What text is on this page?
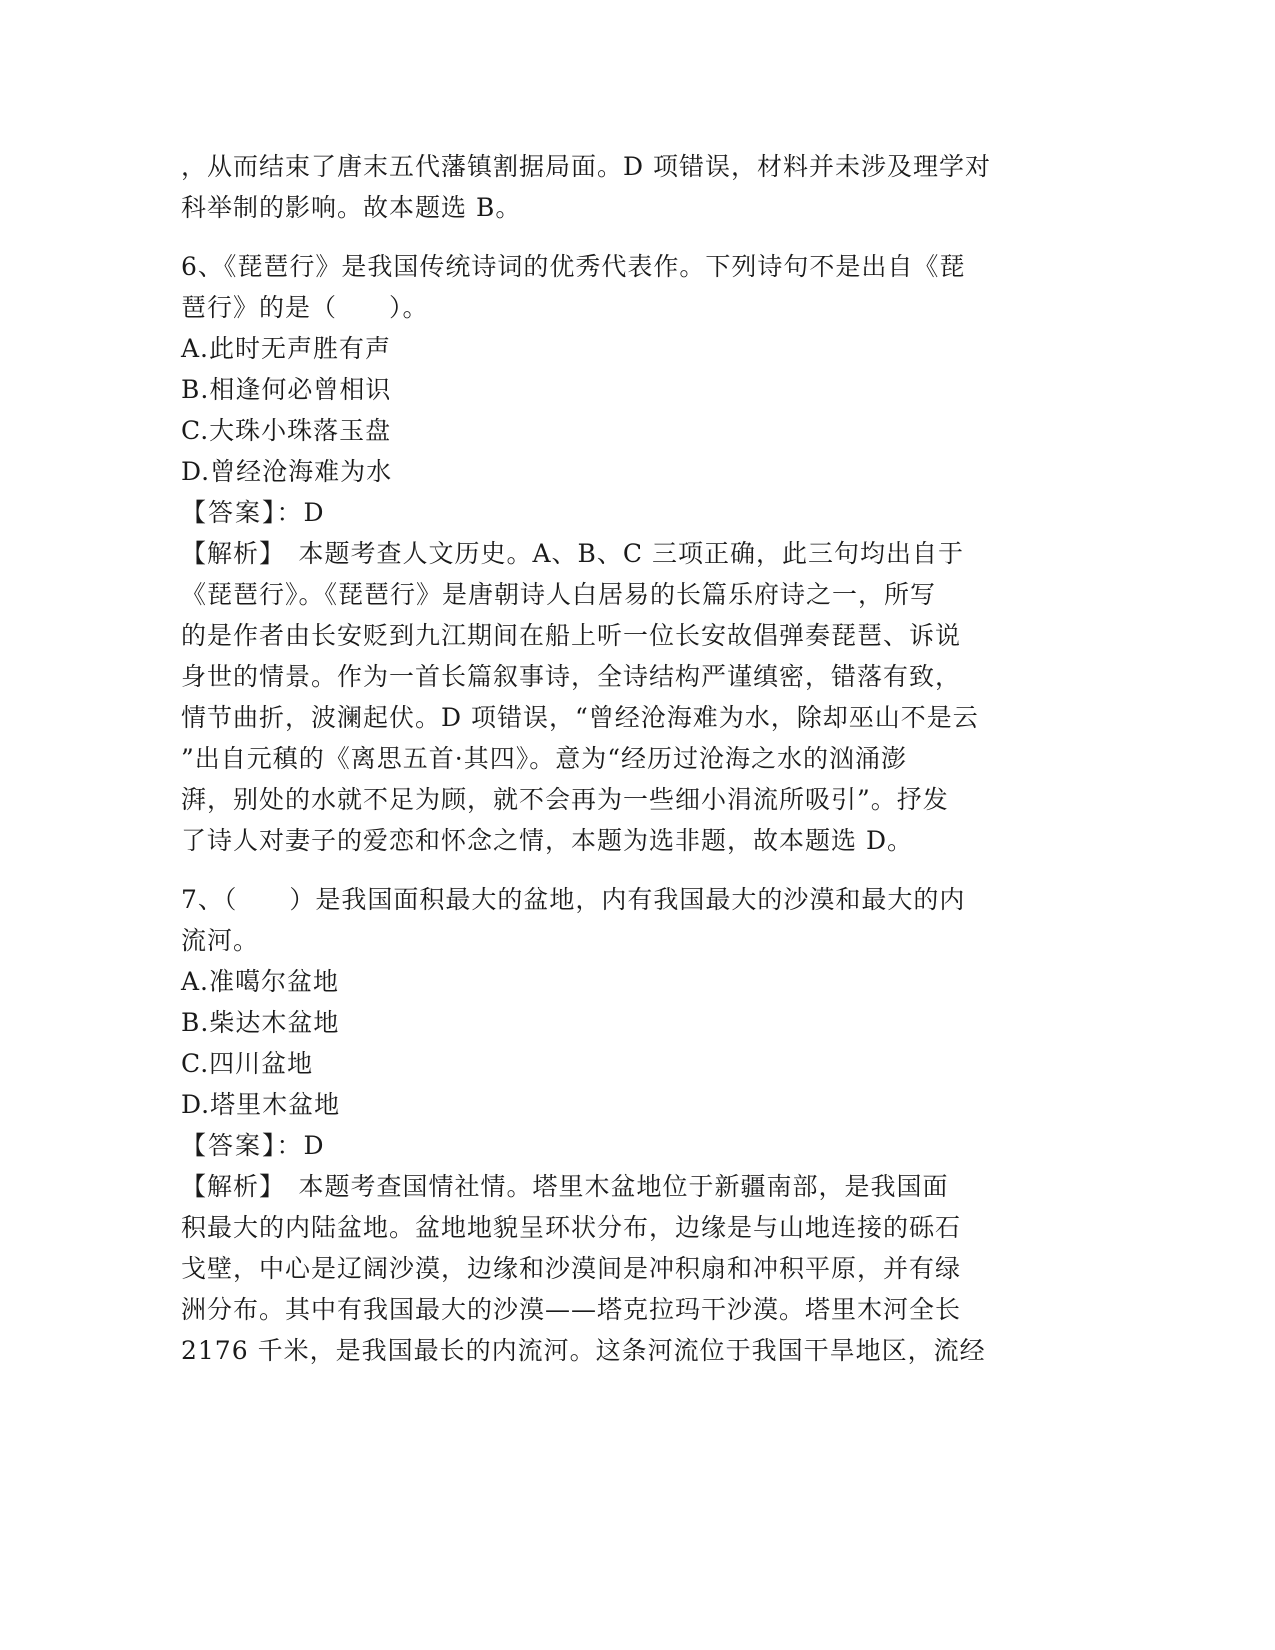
，从而结束了唐末五代藩镇割据局面。D 项错误，材料并未涉及理学对
科举制的影响。故本题选 B。
6、《琵琶行》是我国传统诗词的优秀代表作。下列诗句不是出自《琵
琶行》的是（　　）。
A.此时无声胜有声
B.相逢何必曾相识
C.大珠小珠落玉盘
D.曾经沧海难为水
【答案】：D
【解析】　本题考查人文历史。A、B、C 三项正确，此三句均出自于
《琵琶行》。《琵琶行》是唐朝诗人白居易的长篇乐府诗之一，所写
的是作者由长安贬到九江期间在船上听一位长安故倡弹奏琵琶、诉说
身世的情景。作为一首长篇叙事诗，全诗结构严谨缜密，错落有致，
情节曲折，波澜起伏。D 项错误，“曾经沧海难为水，除却巫山不是云
”出自元稹的《离思五首·其四》。意为“经历过沧海之水的汹涌澎
湃，别处的水就不足为顾，就不会再为一些细小涓流所吸引”。抒发
了诗人对妻子的爱恋和怀念之情，本题为选非题，故本题选 D。
7、（　　）是我国面积最大的盆地，内有我国最大的沙漠和最大的内
流河。
A.准噶尔盆地
B.柴达木盆地
C.四川盆地
D.塔里木盆地
【答案】：D
【解析】　本题考查国情社情。塔里木盆地位于新疆南部，是我国面
积最大的内陆盆地。盆地地貌呈环状分布，边缘是与山地连接的砾石
戈壁，中心是辽阔沙漠，边缘和沙漠间是冲积扇和冲积平原，并有绿
洲分布。其中有我国最大的沙漠——塔克拉玛干沙漠。塔里木河全长
2176 千米，是我国最长的内流河。这条河流位于我国干旱地区，流经
